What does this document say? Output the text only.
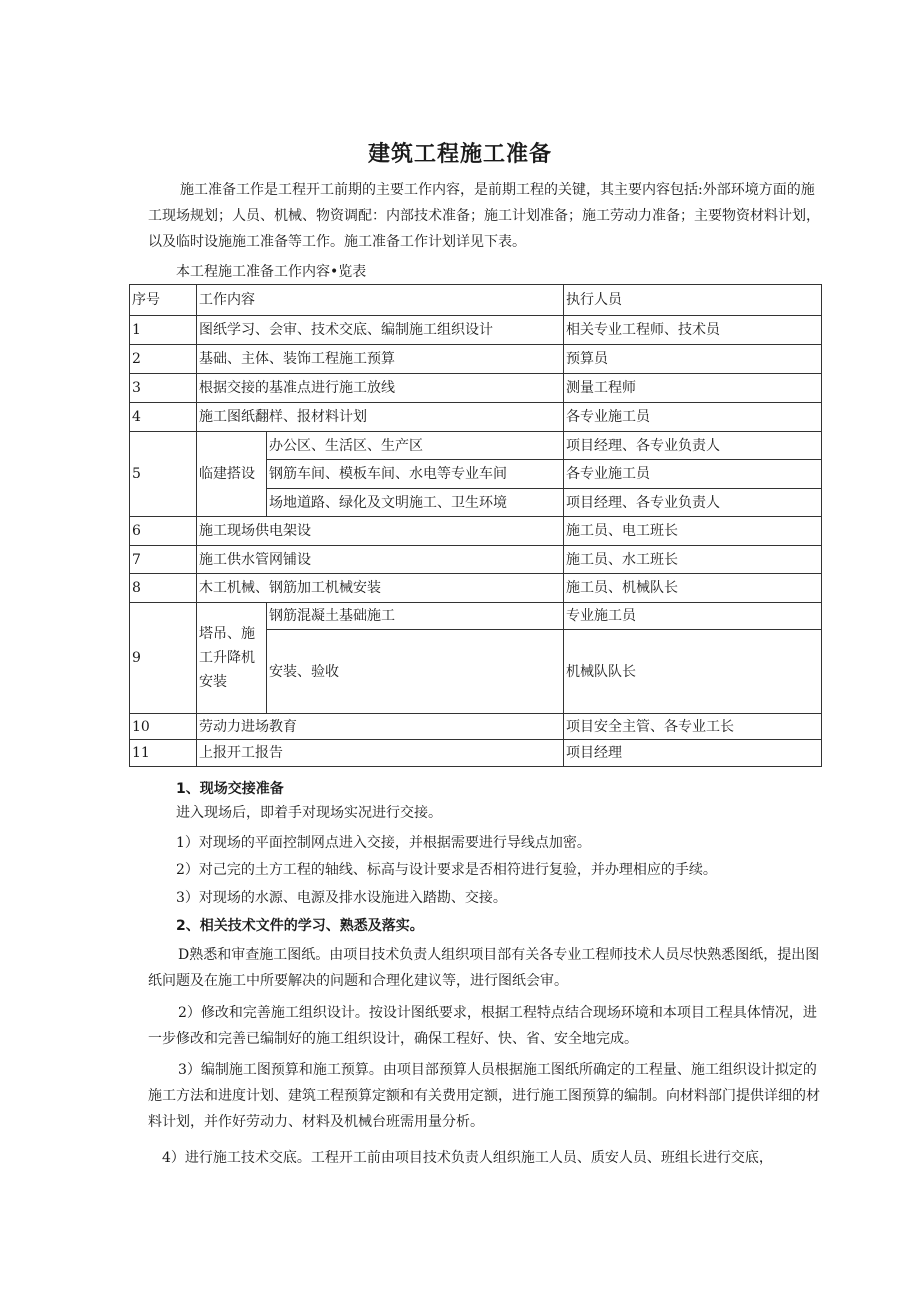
建筑工程施工准备
施工准备工作是工程开工前期的主要工作内容，是前期工程的关键，其主要内容包括:外部环境方面的施工现场规划；人员、机械、物资调配：内部技术准备；施工计划准备；施工劳动力准备；主要物资材料计划，以及临时设施施工准备等工作。施工准备工作计划详见下表。
本工程施工准备工作内容•览表
序号	工作内容		执行人员
1	图纸学习、会审、技术交底、编制施工组织设计		相关专业工程师、技术员
2	基础、主体、装饰工程施工预算		预算员
3	根据交接的基准点进行施工放线		测量工程师
4	施工图纸翻样、报材料计划		各专业施工员
5	临建搭设	办公区、生活区、生产区	项目经理、各专业负责人
		钢筋车间、模板车间、水电等专业车间	各专业施工员
		场地道路、绿化及文明施工、卫生环境	项目经理、各专业负责人
6	施工现场供电架设		施工员、电工班长
7	施工供水管网铺设		施工员、水工班长
8	木工机械、钢筋加工机械安装		施工员、机械队长
9	塔吊、施工升降机安装	钢筋混凝土基础施工	专业施工员
		安装、验收	机械队队长
10	劳动力进场教育		项目安全主管、各专业工长
11	上报开工报告		项目经理
1、现场交接准备
进入现场后，即着手对现场实况进行交接。
1）对现场的平面控制网点进入交接，并根据需要进行导线点加密。
2）对己完的土方工程的轴线、标高与设计要求是否相符进行复验，并办理相应的手续。
3）对现场的水源、电源及排水设施进入踏勘、交接。
2、相关技术文件的学习、熟悉及落实。
D熟悉和审查施工图纸。由项目技术负责人组织项目部有关各专业工程师技术人员尽快熟悉图纸，提出图纸问题及在施工中所要解决的问题和合理化建议等，进行图纸会审。
2）修改和完善施工组织设计。按设计图纸要求，根据工程特点结合现场环境和本项目工程具体情况，进一步修改和完善已编制好的施工组织设计，确保工程好、快、省、安全地完成。
3）编制施工图预算和施工预算。由项目部预算人员根据施工图纸所确定的工程量、施工组织设计拟定的施工方法和进度计划、建筑工程预算定额和有关费用定额，进行施工图预算的编制。向材料部门提供详细的材料计划，并作好劳动力、材料及机械台班需用量分析。
4）进行施工技术交底。工程开工前由项目技术负责人组织施工人员、质安人员、班组长进行交底，
